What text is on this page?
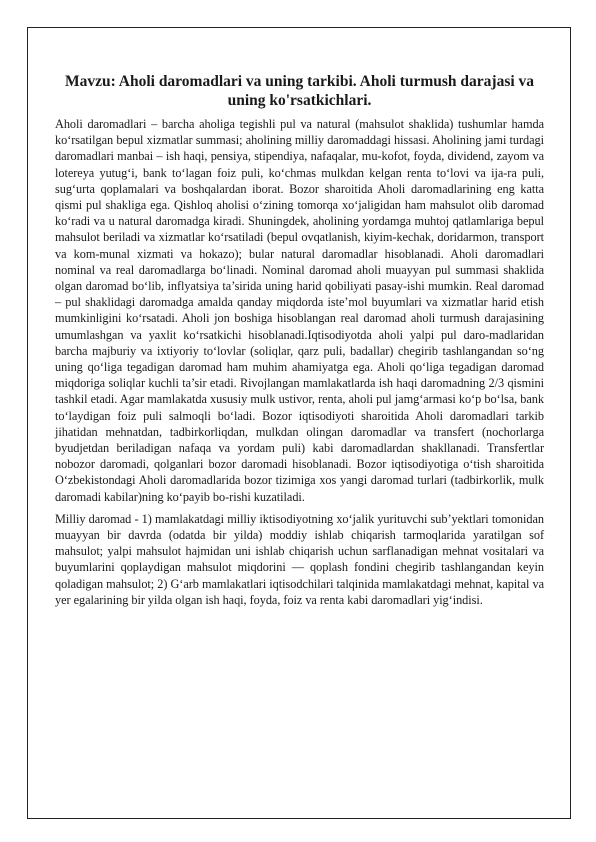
Mavzu: Aholi daromadlari va uning tarkibi. Aholi turmush darajasi va uning ko'rsatkichlari.

Aholi daromadlari – barcha aholiga tegishli pul va natural (mahsulot shaklida) tushumlar hamda ko‘rsatilgan bepul xizmatlar summasi; aholining milliy daromaddagi hissasi. Aholining jami turdagi daromadlari manbai – ish haqi, pensiya, stipendiya, nafaqalar, mu-kofot, foyda, dividend, zayom va lotereya yutug‘i, bank to‘lagan foiz puli, ko‘chmas mulkdan kelgan renta to‘lovi va ija-ra puli, sug‘urta qoplamalari va boshqalardan iborat. Bozor sharoitida Aholi daromadlarining eng katta qismi pul shakliga ega. Qishloq aholisi o‘zining tomorqa xo‘jaligidan ham mahsulot olib daromad ko‘radi va u natural daromadga kiradi. Shuningdek, aholining yordamga muhtoj qatlamlariga bepul mahsulot beriladi va xizmatlar ko‘rsatiladi (bepul ovqatlanish, kiyim-kechak, doridarmon, transport va kom-munal xizmati va hokazo); bular natural daromadlar hisoblanadi. Aholi daromadlari nominal va real daromadlarga bo‘linadi. Nominal daromad aholi muayyan pul summasi shaklida olgan daromad bo‘lib, inflyatsiya ta’sirida uning harid qobiliyati pasay-ishi mumkin. Real daromad – pul shaklidagi daromadga amalda qanday miqdorda iste’mol buyumlari va xizmatlar harid etish mumkinligini ko‘rsatadi. Aholi jon boshiga hisoblangan real daromad aholi turmush darajasining umumlashgan va yaxlit ko‘rsatkichi hisoblanadi.Iqtisodiyotda aholi yalpi pul daro-madlaridan barcha majburiy va ixtiyoriy to‘lovlar (soliqlar, qarz puli, badallar) chegirib tashlangandan so‘ng uning qo‘liga tegadigan daromad ham muhim ahamiyatga ega. Aholi qo‘liga tegadigan daromad miqdoriga soliqlar kuchli ta’sir etadi. Rivojlangan mamlakatlarda ish haqi daromadning 2/3 qismini tashkil etadi. Agar mamlakatda xususiy mulk ustivor, renta, aholi pul jamg‘armasi ko‘p bo‘lsa, bank to‘laydigan foiz puli salmoqli bo‘ladi. Bozor iqtisodiyoti sharoitida Aholi daromadlari tarkib jihatidan mehnatdan, tadbirkorliqdan, mulkdan olingan daromadlar va transfert (nochorlarga byudjetdan beriladigan nafaqa va yordam puli) kabi daromadlardan shakllanadi. Transfertlar nobozor daromadi, qolganlari bozor daromadi hisoblanadi. Bozor iqtisodiyotiga o‘tish sharoitida O‘zbekistondagi Aholi daromadlarida bozor tizimiga xos yangi daromad turlari (tadbirkorlik, mulk daromadi kabilar)ning ko‘payib bo-rishi kuzatiladi.

Milliy daromad - 1) mamlakatdagi milliy iktisodiyotning xo‘jalik yurituvchi sub’yektlari tomonidan muayyan bir davrda (odatda bir yilda) moddiy ishlab chiqarish tarmoqlarida yaratilgan sof mahsulot; yalpi mahsulot hajmidan uni ishlab chiqarish uchun sarflanadigan mehnat vositalari va buyumlarini qoplaydigan mahsulot miqdorini — qoplash fondini chegirib tashlangandan keyin qoladigan mahsulot; 2) G‘arb mamlakatlari iqtisodchilari talqinida mamlakatdagi mehnat, kapital va yer egalarining bir yilda olgan ish haqi, foyda, foiz va renta kabi daromadlari yig‘indisi.
